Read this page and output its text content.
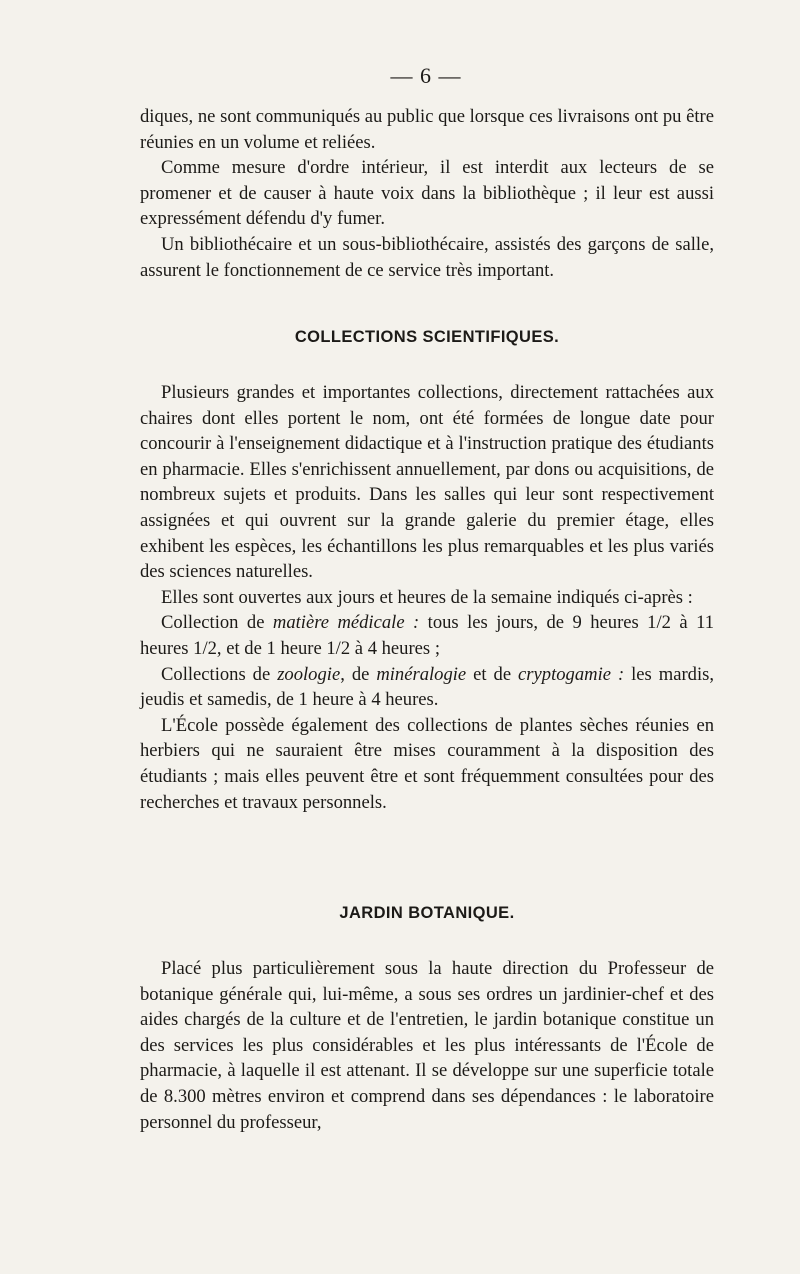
— 6 —

diques, ne sont communiqués au public que lorsque ces livraisons ont pu être réunies en un volume et reliées.

Comme mesure d'ordre intérieur, il est interdit aux lecteurs de se promener et de causer à haute voix dans la bibliothèque ; il leur est aussi expressément défendu d'y fumer.

Un bibliothécaire et un sous-bibliothécaire, assistés des garçons de salle, assurent le fonctionnement de ce service très important.

COLLECTIONS SCIENTIFIQUES.

Plusieurs grandes et importantes collections, directement rattachées aux chaires dont elles portent le nom, ont été formées de longue date pour concourir à l'enseignement didactique et à l'instruction pratique des étudiants en pharmacie. Elles s'enrichissent annuellement, par dons ou acquisitions, de nombreux sujets et produits. Dans les salles qui leur sont respectivement assignées et qui ouvrent sur la grande galerie du premier étage, elles exhibent les espèces, les échantillons les plus remarquables et les plus variés des sciences naturelles.

Elles sont ouvertes aux jours et heures de la semaine indiqués ci-après :

Collection de matière médicale : tous les jours, de 9 heures 1/2 à 11 heures 1/2, et de 1 heure 1/2 à 4 heures ;

Collections de zoologie, de minéralogie et de cryptogamie : les mardis, jeudis et samedis, de 1 heure à 4 heures.

L'École possède également des collections de plantes sèches réunies en herbiers qui ne sauraient être mises couramment à la disposition des étudiants ; mais elles peuvent être et sont fréquemment consultées pour des recherches et travaux personnels.

JARDIN BOTANIQUE.

Placé plus particulièrement sous la haute direction du Professeur de botanique générale qui, lui-même, a sous ses ordres un jardinier-chef et des aides chargés de la culture et de l'entretien, le jardin botanique constitue un des services les plus considérables et les plus intéressants de l'École de pharmacie, à laquelle il est attenant. Il se développe sur une superficie totale de 8.300 mètres environ et comprend dans ses dépendances : le laboratoire personnel du professeur,
